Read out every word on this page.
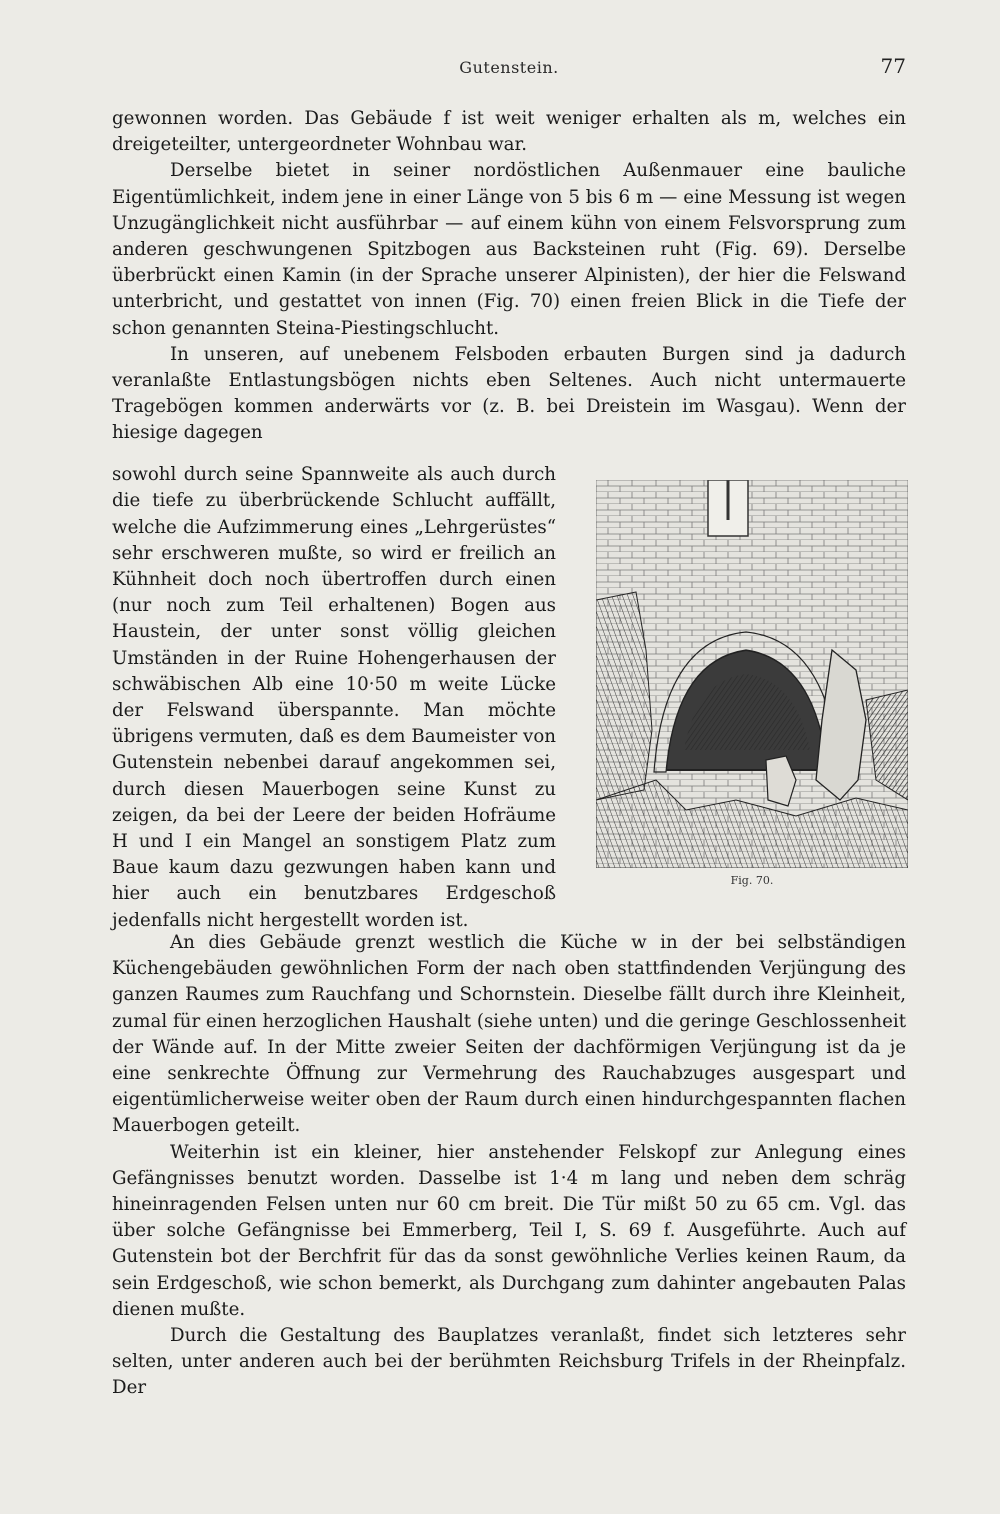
Gutenstein.	77

gewonnen worden. Das Gebäude f ist weit weniger erhalten als m, welches ein dreigeteilter, untergeordneter Wohnbau war.

Derselbe bietet in seiner nordöstlichen Außenmauer eine bauliche Eigentümlichkeit, indem jene in einer Länge von 5 bis 6 m — eine Messung ist wegen Unzugänglichkeit nicht ausführbar — auf einem kühn von einem Felsvorsprung zum anderen geschwungenen Spitzbogen aus Backsteinen ruht (Fig. 69). Derselbe überbrückt einen Kamin (in der Sprache unserer Alpinisten), der hier die Felswand unterbricht, und gestattet von innen (Fig. 70) einen freien Blick in die Tiefe der schon genannten Steina-Piestingschlucht.

In unseren, auf unebenem Felsboden erbauten Burgen sind ja dadurch veranlaßte Entlastungsbögen nichts eben Seltenes. Auch nicht untermauerte Tragebögen kommen anderwärts vor (z. B. bei Dreistein im Wasgau). Wenn der hiesige dagegen

sowohl durch seine Spannweite als auch durch die tiefe zu überbrückende Schlucht auffällt, welche die Aufzimmerung eines „Lehrgerüstes“ sehr erschweren mußte, so wird er freilich an Kühnheit doch noch übertroffen durch einen (nur noch zum Teil erhaltenen) Bogen aus Haustein, der unter sonst völlig gleichen Umständen in der Ruine Hohengerhausen der schwäbischen Alb eine 10·50 m weite Lücke der Felswand überspannte. Man möchte übrigens vermuten, daß es dem Baumeister von Gutenstein nebenbei darauf angekommen sei, durch diesen Mauerbogen seine Kunst zu zeigen, da bei der Leere der beiden Hofräume H und I ein Mangel an sonstigem Platz zum Baue kaum dazu gezwungen haben kann und hier auch ein benutzbares Erdgeschoß jedenfalls nicht hergestellt worden ist.

Fig. 70.

An dies Gebäude grenzt westlich die Küche w in der bei selbständigen Küchengebäuden gewöhnlichen Form der nach oben stattfindenden Verjüngung des ganzen Raumes zum Rauchfang und Schornstein. Dieselbe fällt durch ihre Kleinheit, zumal für einen herzoglichen Haushalt (siehe unten) und die geringe Geschlossenheit der Wände auf. In der Mitte zweier Seiten der dachförmigen Verjüngung ist da je eine senkrechte Öffnung zur Vermehrung des Rauchabzuges ausgespart und eigentümlicherweise weiter oben der Raum durch einen hindurchgespannten flachen Mauerbogen geteilt.

Weiterhin ist ein kleiner, hier anstehender Felskopf zur Anlegung eines Gefängnisses benutzt worden. Dasselbe ist 1·4 m lang und neben dem schräg hineinragenden Felsen unten nur 60 cm breit. Die Tür mißt 50 zu 65 cm. Vgl. das über solche Gefängnisse bei Emmerberg, Teil I, S. 69 f. Ausgeführte. Auch auf Gutenstein bot der Berchfrit für das da sonst gewöhnliche Verlies keinen Raum, da sein Erdgeschoß, wie schon bemerkt, als Durchgang zum dahinter angebauten Palas dienen mußte.

Durch die Gestaltung des Bauplatzes veranlaßt, findet sich letzteres sehr selten, unter anderen auch bei der berühmten Reichsburg Trifels in der Rheinpfalz. Der
